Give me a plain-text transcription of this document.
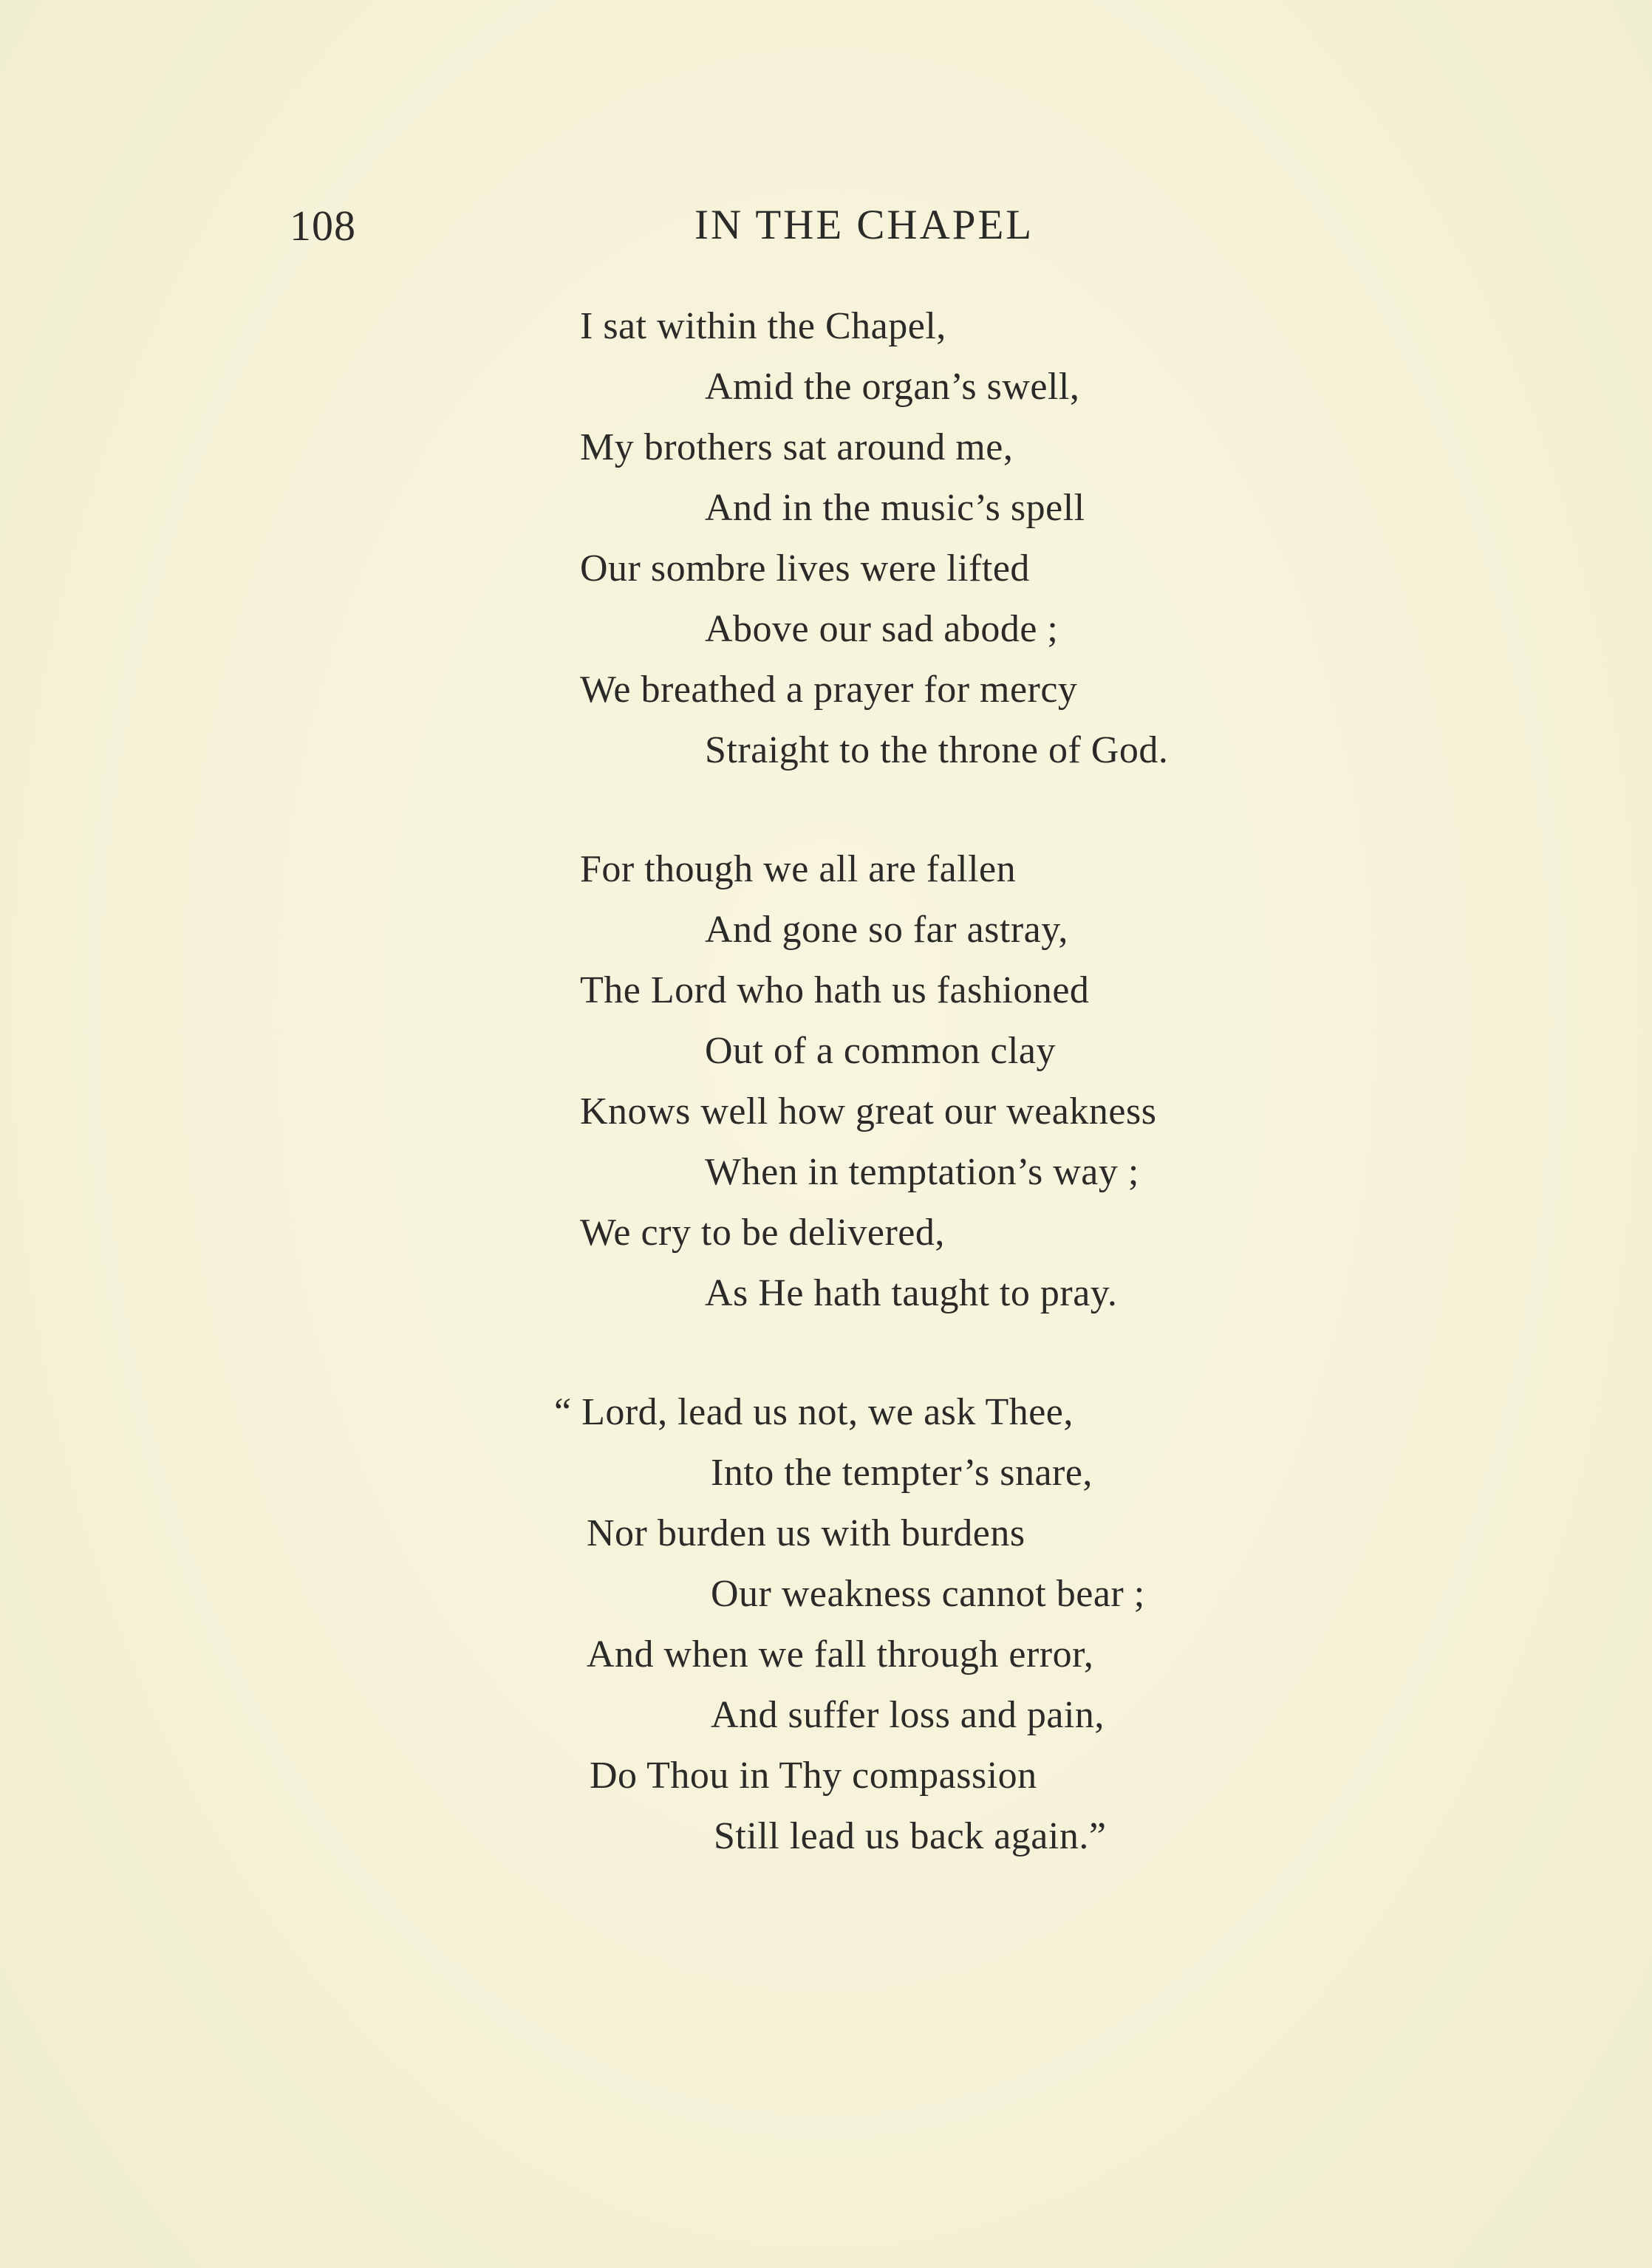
108	IN THE CHAPEL
I sat within the Chapel,
Amid the organ’s swell,
My brothers sat around me,
And in the music’s spell
Our sombre lives were lifted
Above our sad abode ;
We breathed a prayer for mercy
Straight to the throne of God.
For though we all are fallen
And gone so far astray,
The Lord who hath us fashioned
Out of a common clay
Knows well how great our weakness
When in temptation’s way ;
We cry to be delivered,
As He hath taught to pray.
“ Lord, lead us not, we ask Thee,
Into the tempter’s snare,
Nor burden us with burdens
Our weakness cannot bear ;
And when we fall through error,
And suffer loss and pain,
Do Thou in Thy compassion
Still lead us back again.”
